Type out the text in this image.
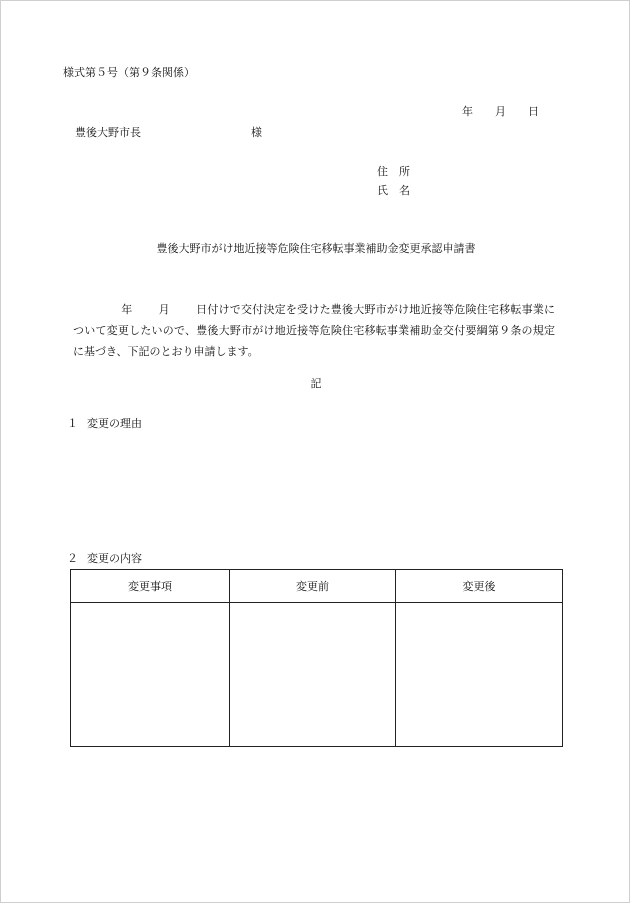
様式第５号（第９条関係）
年 月 日
豊後大野市長	様
住　所
氏　名
豊後大野市がけ地近接等危険住宅移転事業補助金変更承認申請書
年 月 日付けで交付決定を受けた豊後大野市がけ地近接等危険住宅移転事業について変更したいので、豊後大野市がけ地近接等危険住宅移転事業補助金交付要綱第９条の規定に基づき、下記のとおり申請します。
記
１ 変更の理由
２ 変更の内容
変更事項	変更前	変更後
